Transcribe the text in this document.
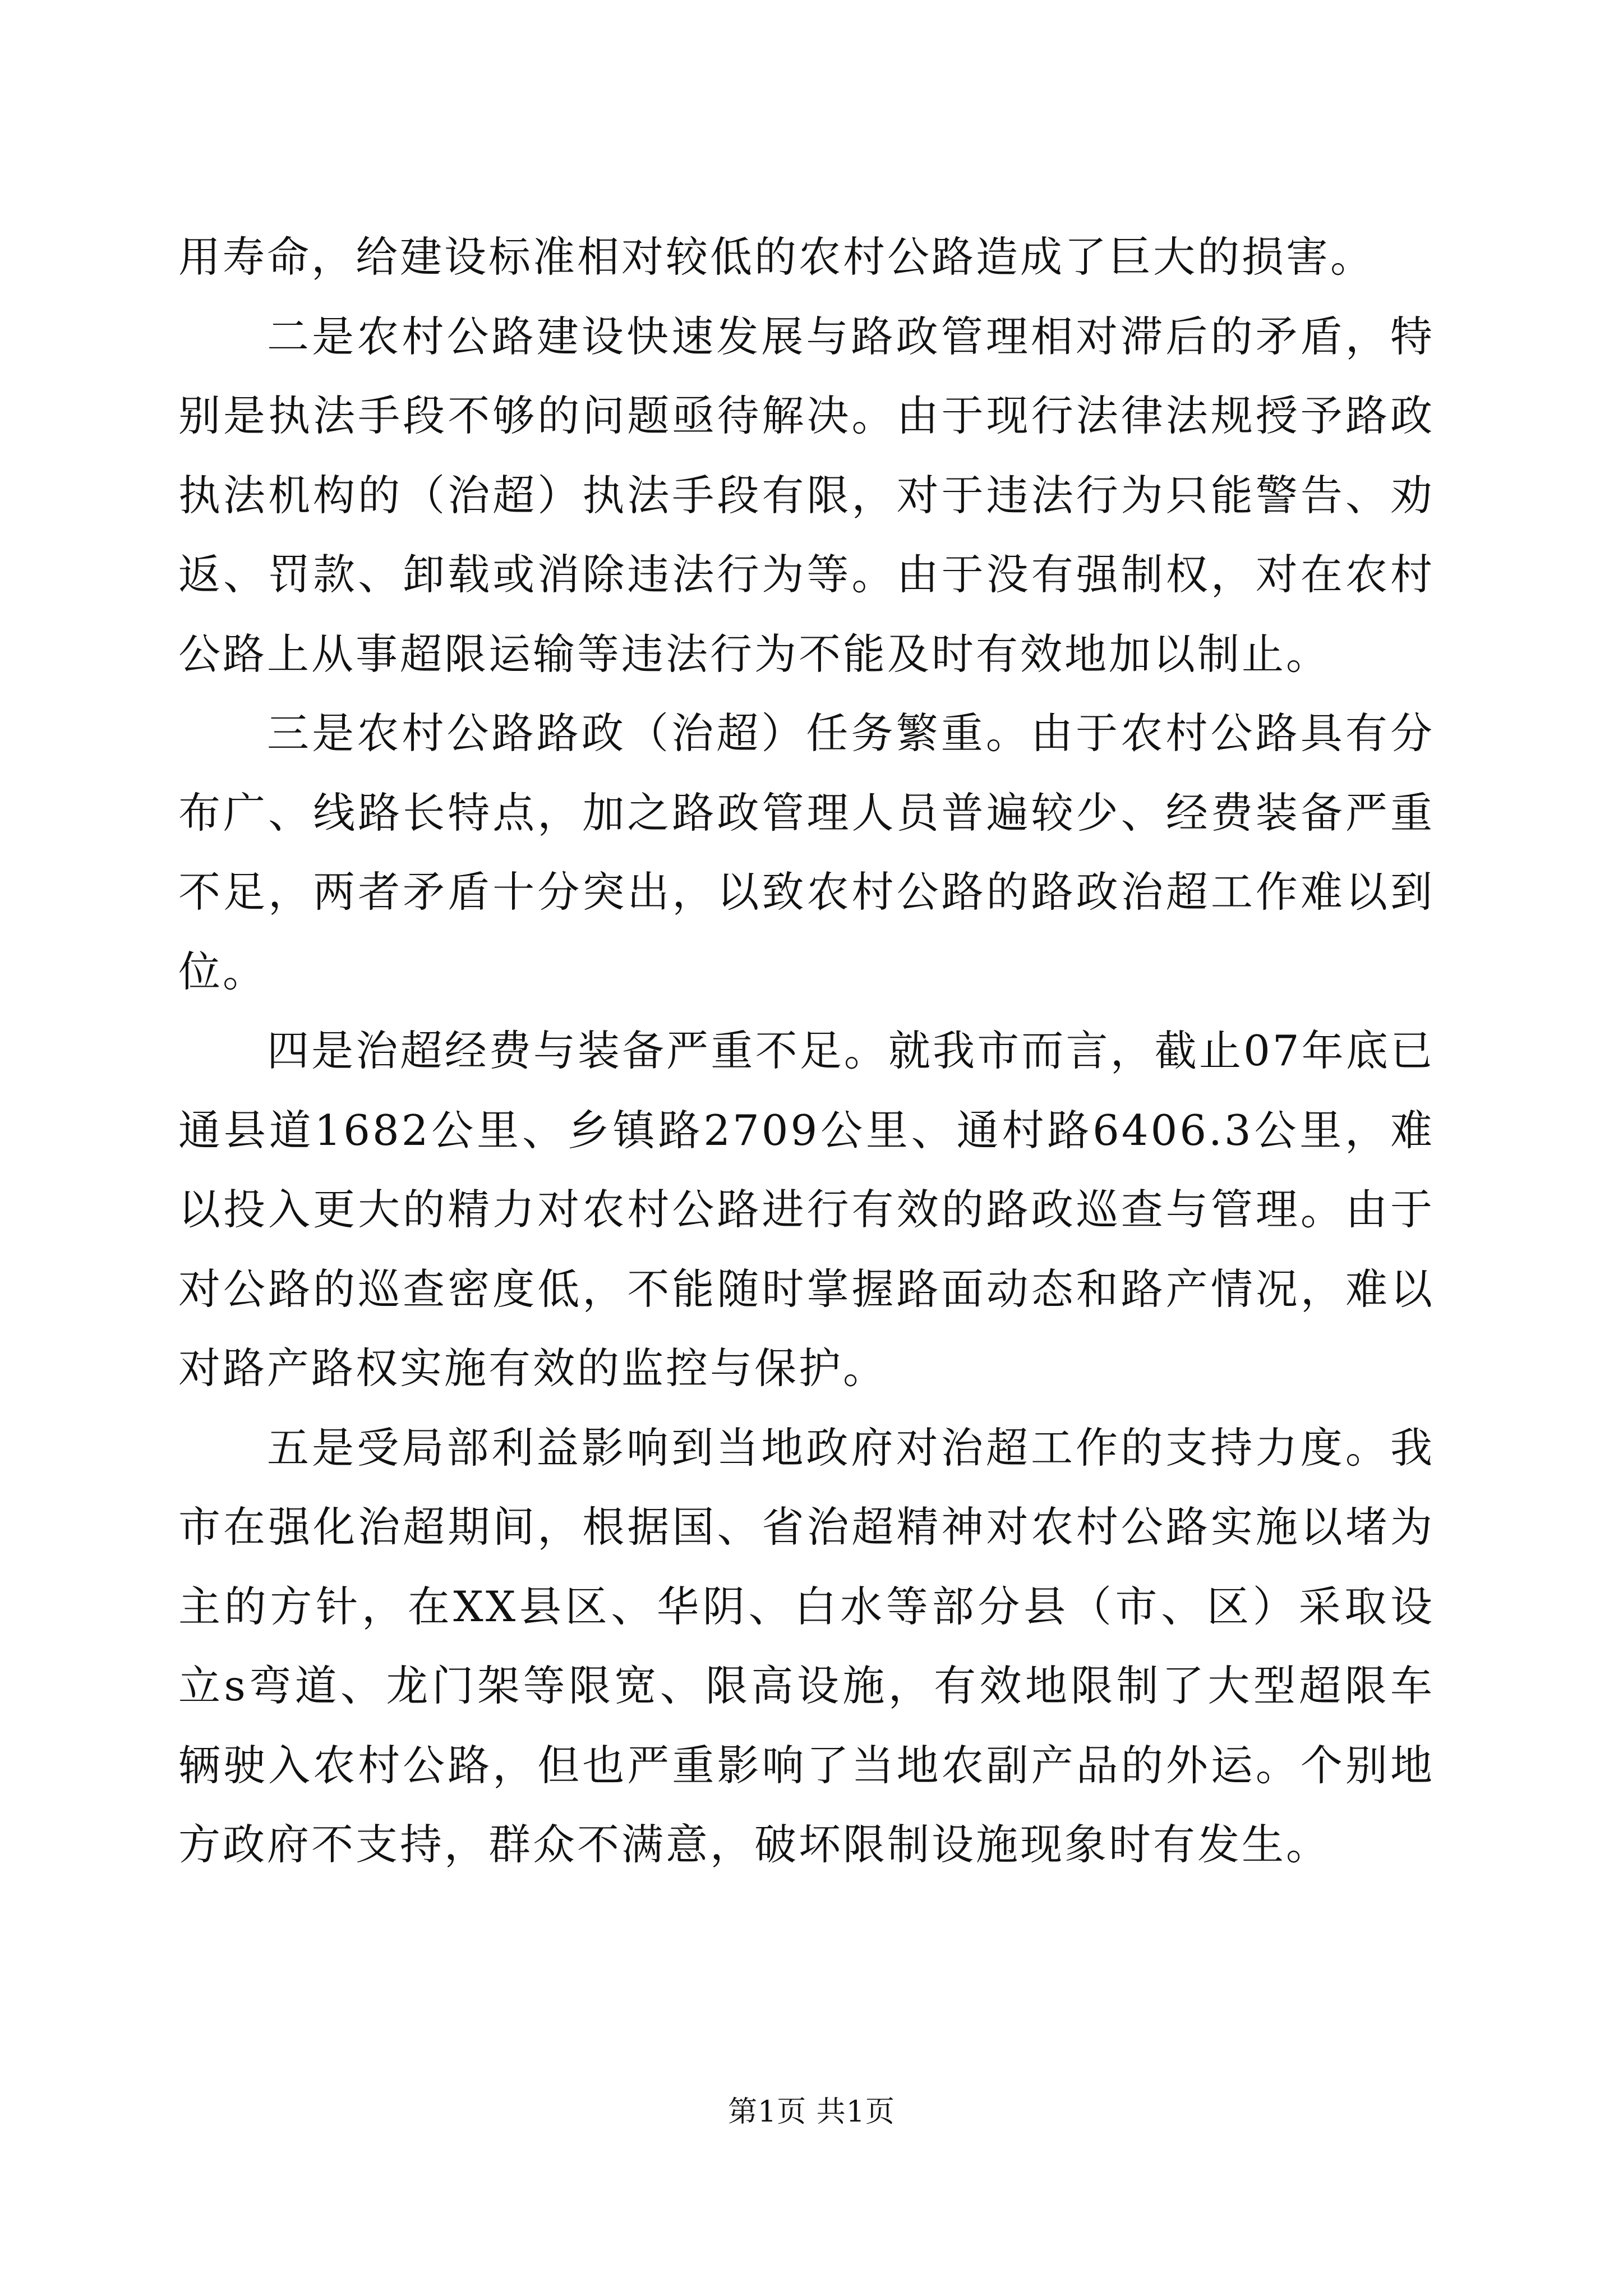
用寿命，给建设标准相对较低的农村公路造成了巨大的损害。

二是农村公路建设快速发展与路政管理相对滞后的矛盾，特别是执法手段不够的问题亟待解决。由于现行法律法规授予路政执法机构的（治超）执法手段有限，对于违法行为只能警告、劝返、罚款、卸载或消除违法行为等。由于没有强制权，对在农村公路上从事超限运输等违法行为不能及时有效地加以制止。

三是农村公路路政（治超）任务繁重。由于农村公路具有分布广、线路长特点，加之路政管理人员普遍较少、经费装备严重不足，两者矛盾十分突出，以致农村公路的路政治超工作难以到位。

四是治超经费与装备严重不足。就我市而言，截止07年底已通县道1682公里、乡镇路2709公里、通村路6406.3公里，难以投入更大的精力对农村公路进行有效的路政巡查与管理。由于对公路的巡查密度低，不能随时掌握路面动态和路产情况，难以对路产路权实施有效的监控与保护。

五是受局部利益影响到当地政府对治超工作的支持力度。我市在强化治超期间，根据国、省治超精神对农村公路实施以堵为主的方针，在XX县区、华阴、白水等部分县（市、区）采取设立s弯道、龙门架等限宽、限高设施，有效地限制了大型超限车辆驶入农村公路，但也严重影响了当地农副产品的外运。个别地方政府不支持，群众不满意，破坏限制设施现象时有发生。

第1页 共1页
